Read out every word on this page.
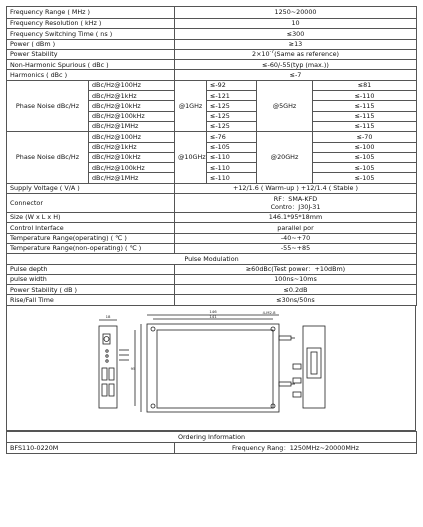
Frequency Range ( MHz )		1250~20000			
Frequency Resolution ( kHz )		10			
Frequency Switching Time ( ns )		≤300			
Power ( dBm )		≥13			
Power Stability		$2\times 10^{-7}(Same$ as reference)			
Non-Harmonic Spurious ( dBc )		≤-60/-55(typ (max.))			
Harmonics ( dBc )		≤-7			
Phase Noise dBc/Hz	dBc/Hz@100Hz	@1GHz	≤-92	@5GHz	≤81
	dBc/Hz@1kHz		≤-121		≤-110
	dBc/Hz@10kHz		≤-125		≤-115
	dBc/Hz@100kHz		≤-125		≤-115
	dBc/Hz@1MHz		≤-125		≤-115
Phase Noise dBc/Hz	dBc/Hz@100Hz	@10GHz	≤-76	@20GHz	≤-70
	dBc/Hz@1kHz		≤-105		≤-100
	dBc/Hz@10kHz		≤-110		≤-105
	dBc/Hz@100kHz		≤-110		≤-105
	dBc/Hz@1MHz		≤-110		≤-105
Supply Voltage ( V/A )		+12/1.6 ( Warm-up ) +12/1.4 ( Stable )			
Connector		RF：SMA-KFD
Contro：J30J-31			

Size (W x L x H)		146.1*95*18mm			
Control Interface		parallel por			
Temperature Range(operating) ( ℃ )		-40~+70			
Temperature Range(non-operating) ( ℃ )		-55~+85			
Pulse Modulation					
Pulse depth		≥60dBc(Test power：+10dBm)			
pulse width		100ns~10ms			
Power Stability ( dB )		≤0.2dB			
Rise/Fall Time		≤30ns/50ns			
146
141
18
95
4-M2.8
Ordering Information
BFS110-0220M	Frequency Rang：1250MHz~20000MHz
